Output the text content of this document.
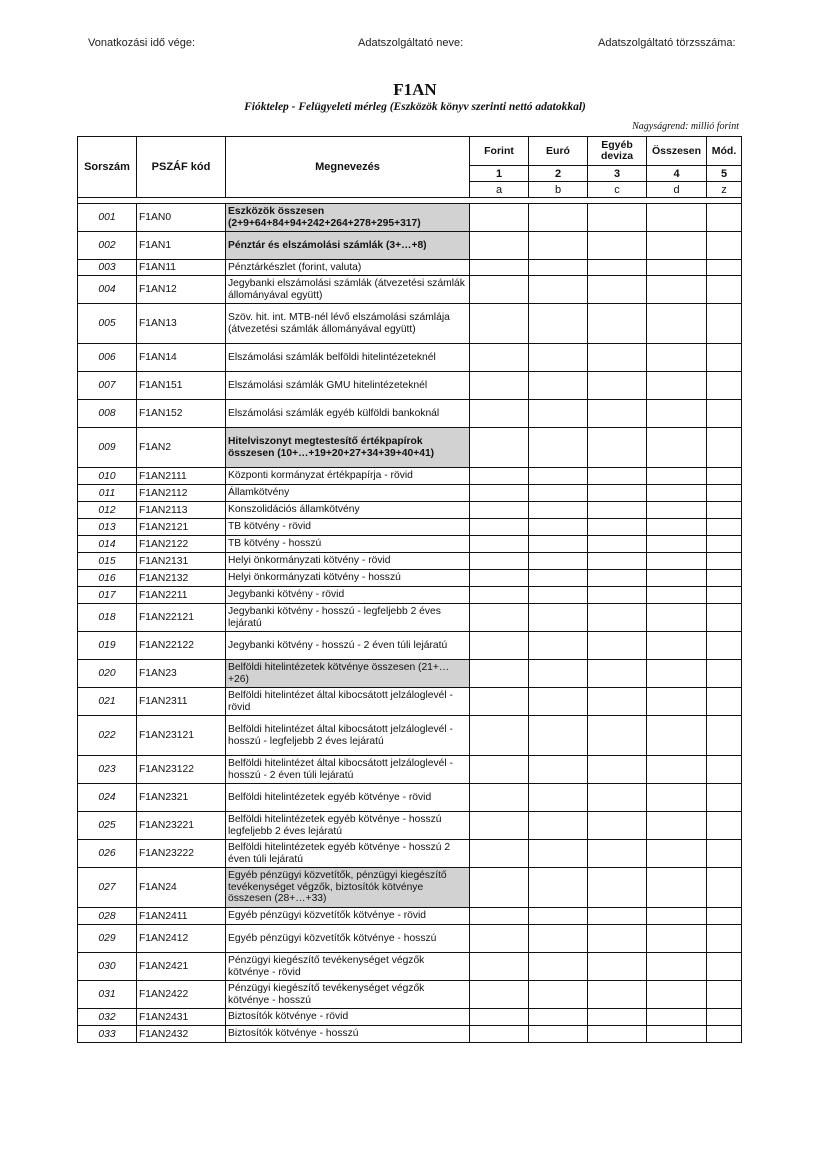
Vonatkozási idő vége:	Adatszolgáltató neve:	Adatszolgáltató törzsszáma:
F1AN
Fióktelep - Felügyeleti mérleg (Eszközök könyv szerinti nettó adatokkal)
Nagyságrend: millió forint
Sorszám	PSZÁF kód	Megnevezés	Forint	Euró	Egyéb deviza	Összesen	Mód.
			1	2	3	4	5
			a	b	c	d	z

001	F1AN0	Eszközök összesen (2+9+64+84+94+242+264+278+295+317)					
002	F1AN1	Pénztár és elszámolási számlák (3+…+8)					
003	F1AN11	Pénztárkészlet (forint, valuta)					
004	F1AN12	Jegybanki elszámolási számlák (átvezetési számlák állományával együtt)					
005	F1AN13	Szöv. hit. int. MTB-nél lévő elszámolási számlája (átvezetési számlák állományával együtt)					
006	F1AN14	Elszámolási számlák belföldi hitelintézeteknél					
007	F1AN151	Elszámolási számlák GMU hitelintézeteknél					
008	F1AN152	Elszámolási számlák egyéb külföldi bankoknál					
009	F1AN2	Hitelviszonyt megtestesítő értékpapírok összesen (10+…+19+20+27+34+39+40+41)					
010	F1AN2111	Központi kormányzat értékpapírja - rövid					
011	F1AN2112	Államkötvény					
012	F1AN2113	Konszolidációs államkötvény					
013	F1AN2121	TB kötvény - rövid					
014	F1AN2122	TB kötvény - hosszú					
015	F1AN2131	Helyi önkormányzati kötvény - rövid					
016	F1AN2132	Helyi önkormányzati kötvény - hosszú					
017	F1AN2211	Jegybanki kötvény - rövid					
018	F1AN22121	Jegybanki kötvény - hosszú - legfeljebb 2 éves lejáratú					
019	F1AN22122	Jegybanki kötvény - hosszú - 2 éven túli lejáratú					
020	F1AN23	Belföldi hitelintézetek kötvénye összesen (21+…+26)					
021	F1AN2311	Belföldi hitelintézet által kibocsátott jelzáloglevél - rövid					
022	F1AN23121	Belföldi hitelintézet által kibocsátott jelzáloglevél - hosszú - legfeljebb 2 éves lejáratú					
023	F1AN23122	Belföldi hitelintézet által kibocsátott jelzáloglevél - hosszú - 2 éven túli lejáratú					
024	F1AN2321	Belföldi hitelintézetek egyéb kötvénye - rövid					
025	F1AN23221	Belföldi hitelintézetek egyéb kötvénye - hosszú legfeljebb 2 éves lejáratú					
026	F1AN23222	Belföldi hitelintézetek egyéb kötvénye - hosszú 2 éven túli lejáratú					
027	F1AN24	Egyéb pénzügyi közvetítők, pénzügyi kiegészítő tevékenységet végzők, biztosítók kötvénye összesen (28+…+33)					
028	F1AN2411	Egyéb pénzügyi közvetítők kötvénye - rövid					
029	F1AN2412	Egyéb pénzügyi közvetítők kötvénye - hosszú					
030	F1AN2421	Pénzügyi kiegészítő tevékenységet végzők kötvénye - rövid					
031	F1AN2422	Pénzügyi kiegészítő tevékenységet végzők kötvénye - hosszú					
032	F1AN2431	Biztosítók kötvénye - rövid					
033	F1AN2432	Biztosítók kötvénye - hosszú					
